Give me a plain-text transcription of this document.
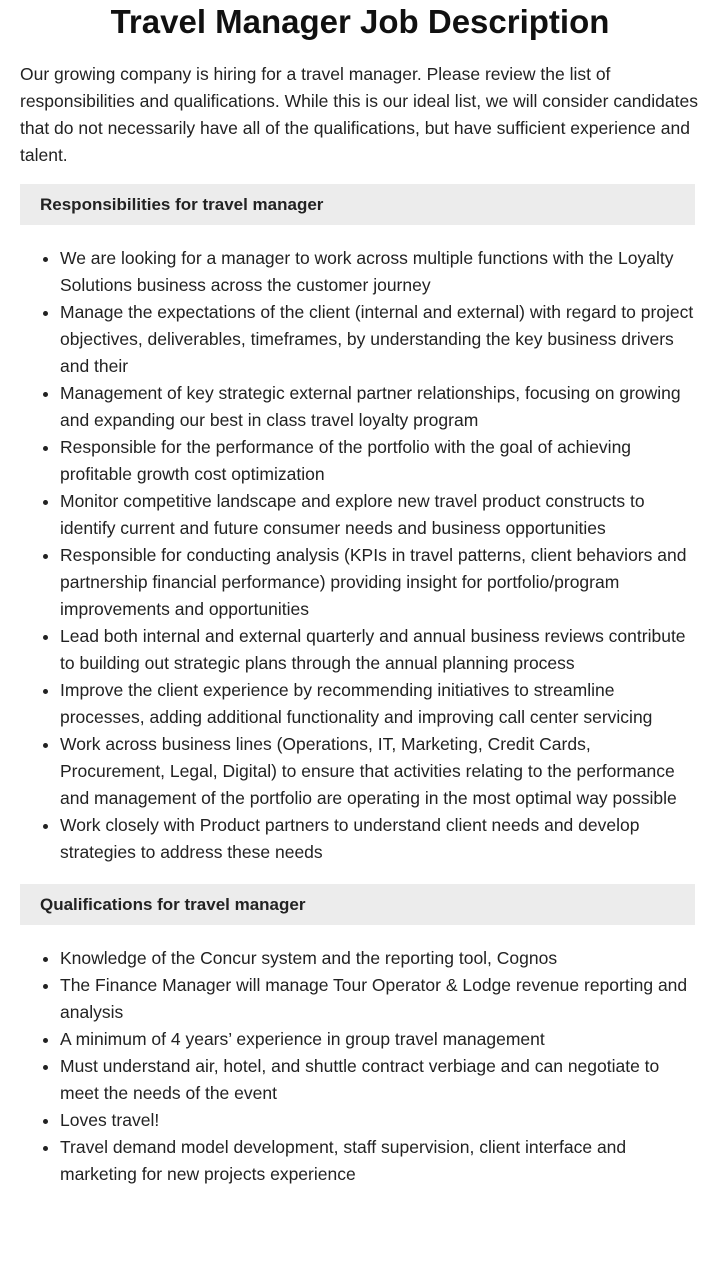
Travel Manager Job Description

Our growing company is hiring for a travel manager. Please review the list of responsibilities and qualifications. While this is our ideal list, we will consider candidates that do not necessarily have all of the qualifications, but have sufficient experience and talent.

Responsibilities for travel manager
• We are looking for a manager to work across multiple functions with the Loyalty Solutions business across the customer journey
• Manage the expectations of the client (internal and external) with regard to project objectives, deliverables, timeframes, by understanding the key business drivers and their
• Management of key strategic external partner relationships, focusing on growing and expanding our best in class travel loyalty program
• Responsible for the performance of the portfolio with the goal of achieving profitable growth cost optimization
• Monitor competitive landscape and explore new travel product constructs to identify current and future consumer needs and business opportunities
• Responsible for conducting analysis (KPIs in travel patterns, client behaviors and partnership financial performance) providing insight for portfolio/program improvements and opportunities
• Lead both internal and external quarterly and annual business reviews contribute to building out strategic plans through the annual planning process
• Improve the client experience by recommending initiatives to streamline processes, adding additional functionality and improving call center servicing
• Work across business lines (Operations, IT, Marketing, Credit Cards, Procurement, Legal, Digital) to ensure that activities relating to the performance and management of the portfolio are operating in the most optimal way possible
• Work closely with Product partners to understand client needs and develop strategies to address these needs
Qualifications for travel manager
• Knowledge of the Concur system and the reporting tool, Cognos
• The Finance Manager will manage Tour Operator & Lodge revenue reporting and analysis
• A minimum of 4 years’ experience in group travel management
• Must understand air, hotel, and shuttle contract verbiage and can negotiate to meet the needs of the event
• Loves travel!
• Travel demand model development, staff supervision, client interface and marketing for new projects experience
